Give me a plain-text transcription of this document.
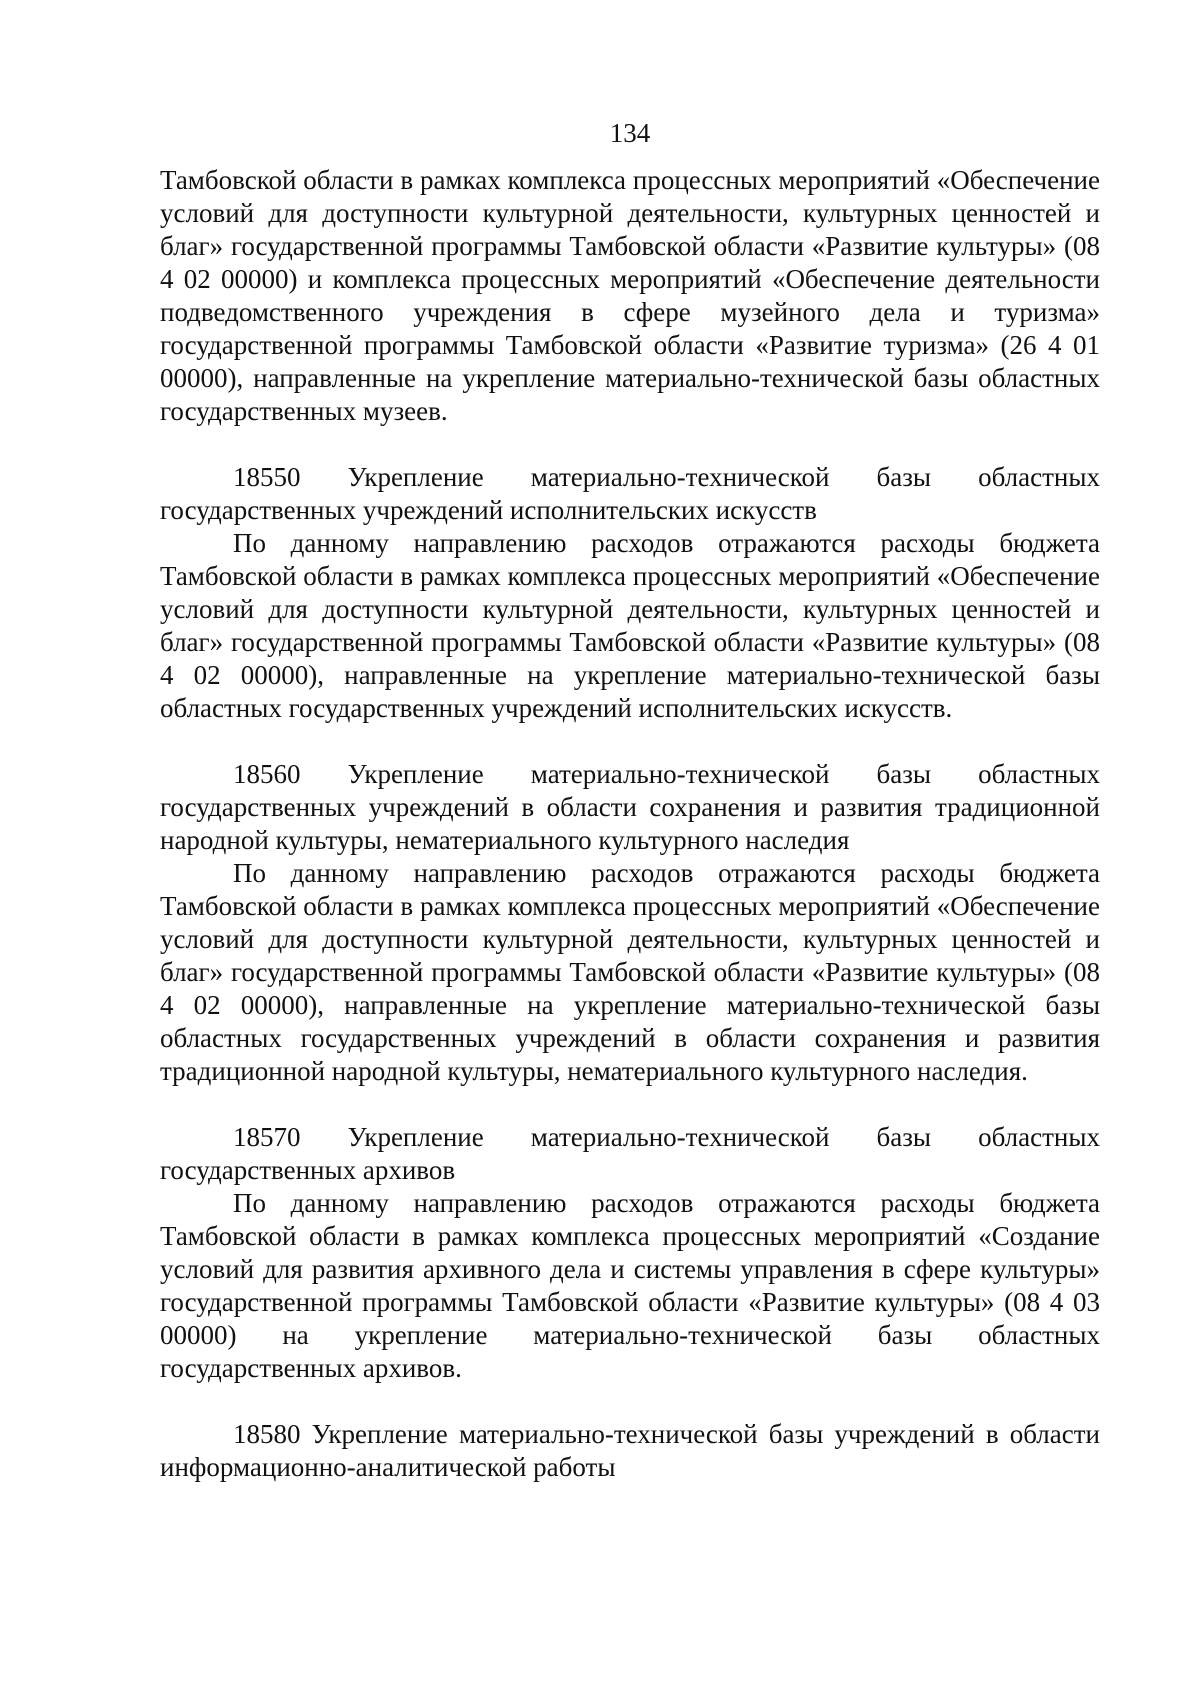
134

Тамбовской области в рамках комплекса процессных мероприятий «Обеспечение условий для доступности культурной деятельности, культурных ценностей и благ» государственной программы Тамбовской области «Развитие культуры» (08 4 02 00000) и комплекса процессных мероприятий «Обеспечение деятельности подведомственного учреждения в сфере музейного дела и туризма» государственной программы Тамбовской области «Развитие туризма» (26 4 01 00000), направленные на укрепление материально-технической базы областных государственных музеев.

18550 Укрепление материально-технической базы областных государственных учреждений исполнительских искусств

По данному направлению расходов отражаются расходы бюджета Тамбовской области в рамках комплекса процессных мероприятий «Обеспечение условий для доступности культурной деятельности, культурных ценностей и благ» государственной программы Тамбовской области «Развитие культуры» (08 4 02 00000), направленные на укрепление материально-технической базы областных государственных учреждений исполнительских искусств.

18560 Укрепление материально-технической базы областных государственных учреждений в области сохранения и развития традиционной народной культуры, нематериального культурного наследия

По данному направлению расходов отражаются расходы бюджета Тамбовской области в рамках комплекса процессных мероприятий «Обеспечение условий для доступности культурной деятельности, культурных ценностей и благ» государственной программы Тамбовской области «Развитие культуры» (08 4 02 00000), направленные на укрепление материально-технической базы областных государственных учреждений в области сохранения и развития традиционной народной культуры, нематериального культурного наследия.

18570 Укрепление материально-технической базы областных государственных архивов

По данному направлению расходов отражаются расходы бюджета Тамбовской области в рамках комплекса процессных мероприятий «Создание условий для развития архивного дела и системы управления в сфере культуры» государственной программы Тамбовской области «Развитие культуры» (08 4 03 00000) на укрепление материально-технической базы областных государственных архивов.

18580 Укрепление материально-технической базы учреждений в области информационно-аналитической работы
